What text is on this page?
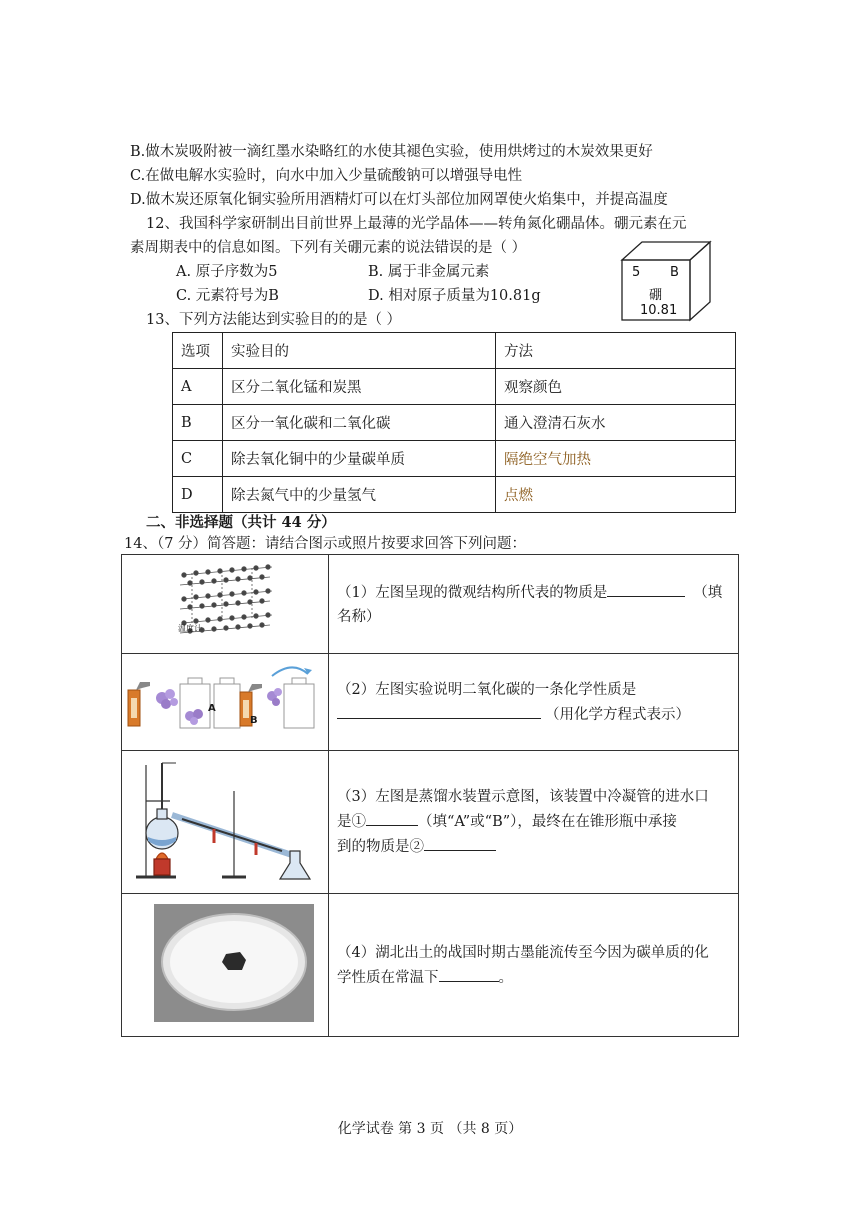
B.做木炭吸附被一滴红墨水染略红的水使其褪色实验，使用烘烤过的木炭效果更好
C.在做电解水实验时，向水中加入少量硫酸钠可以增强导电性
D.做木炭还原氧化铜实验所用酒精灯可以在灯头部位加网罩使火焰集中，并提高温度
12、我国科学家研制出目前世界上最薄的光学晶体——转角氮化硼晶体。硼元素在元
素周期表中的信息如图。下列有关硼元素的说法错误的是（ ）
A. 原子序数为5	B. 属于非金属元素
C. 元素符号为B	D. 相对原子质量为10.81g
5 B
硼
10.81
13、下列方法能达到实验目的的是（ ）
选项	实验目的	方法
A	区分二氧化锰和炭黑	观察颜色
B	区分一氧化碳和二氧化碳	通入澄清石灰水
C	除去氧化铜中的少量碳单质	隔绝空气加热
D	除去氮气中的少量氢气	点燃
二、非选择题（共计 44 分）
14、（7 分）简答题：请结合图示或照片按要求回答下列问题：
	（1）左图呈现的微观结构所代表的物质是 （填
名称）
	（2）左图实验说明二氧化碳的一条化学性质是
（用化学方程式表示）

温度计
A
B	（3）左图是蒸馏水装置示意图，该装置中冷凝管的进水口
是① （填“A”或“B”），最终在在锥形瓶中承接
到的物质是②
	（4）湖北出土的战国时期古墨能流传至今因为碳单质的化
学性质在常温下 。
化学试卷 第 3 页 （共 8 页）
